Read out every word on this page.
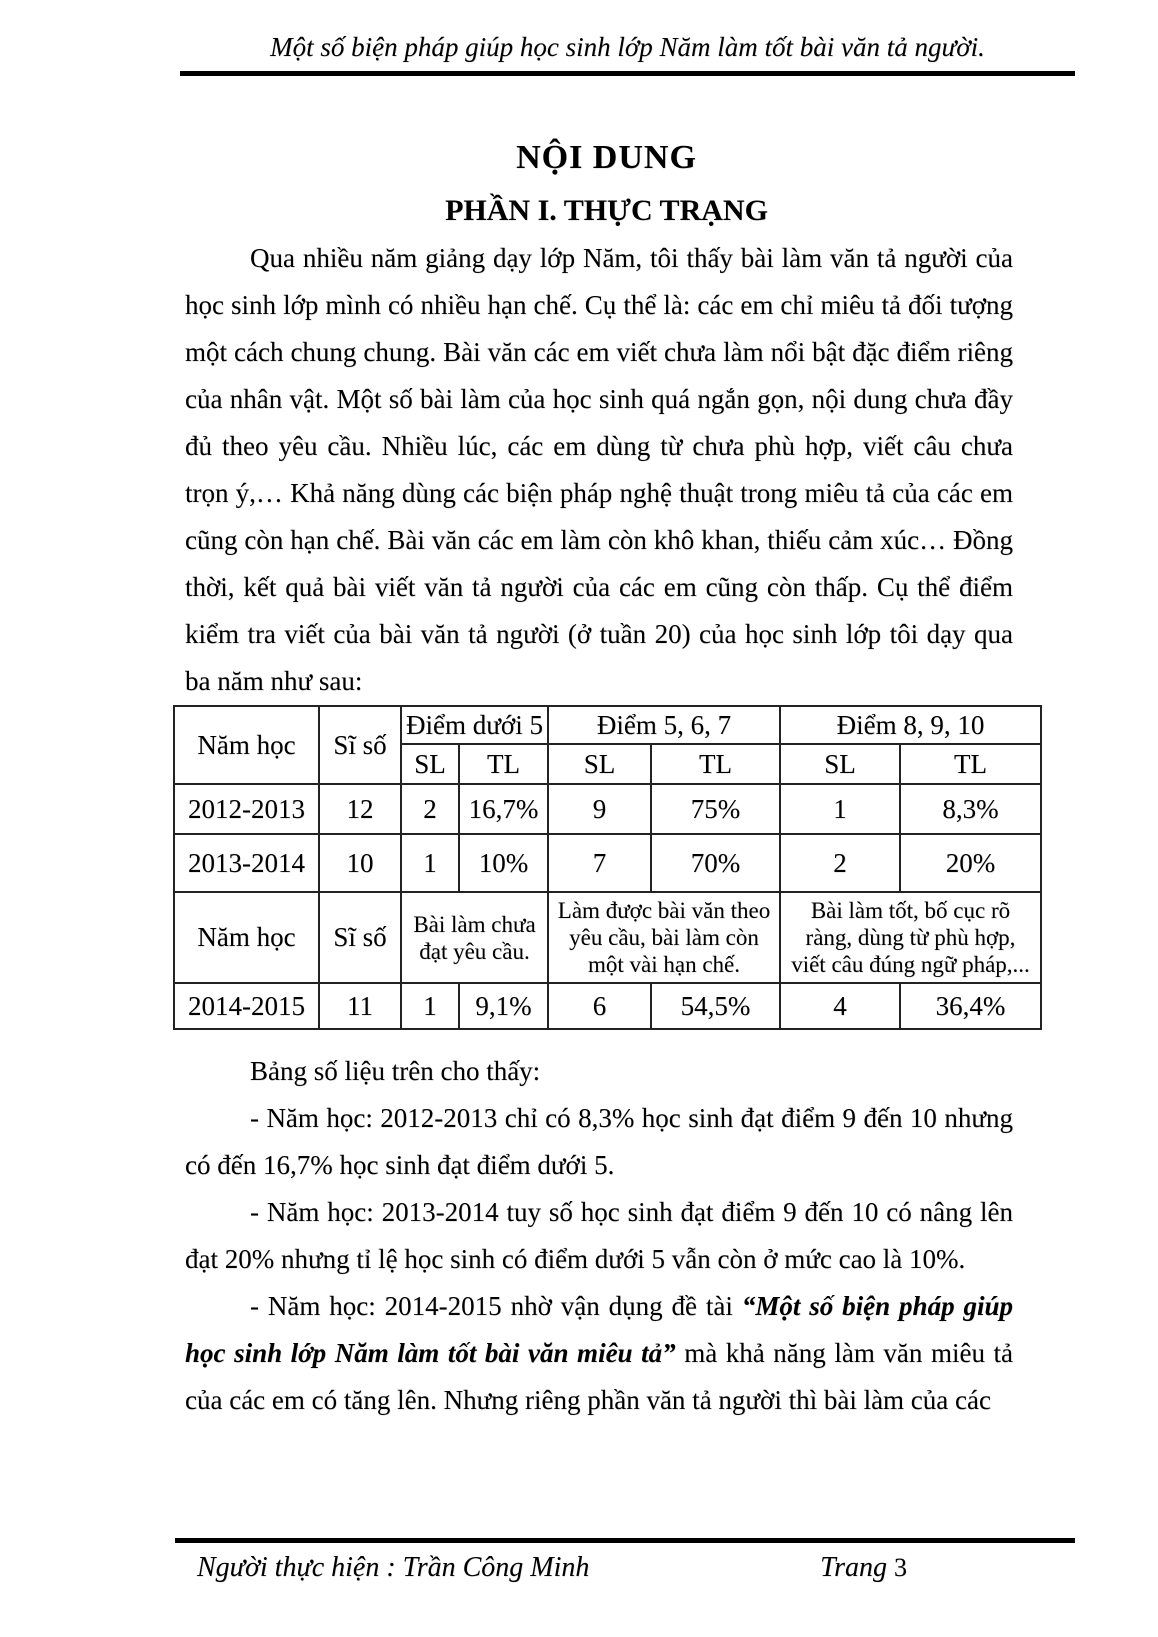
Một số biện pháp giúp học sinh lớp Năm làm tốt bài văn tả người.
NỘI DUNG
PHẦN I. THỰC TRẠNG

Qua nhiều năm giảng dạy lớp Năm, tôi thấy bài làm văn tả người của học sinh lớp mình có nhiều hạn chế. Cụ thể là: các em chỉ miêu tả đối tượng một cách chung chung. Bài văn các em viết chưa làm nổi bật đặc điểm riêng của nhân vật. Một số bài làm của học sinh quá ngắn gọn, nội dung chưa đầy đủ theo yêu cầu. Nhiều lúc, các em dùng từ chưa phù hợp, viết câu chưa trọn ý,… Khả năng dùng các biện pháp nghệ thuật trong miêu tả của các em cũng còn hạn chế. Bài văn các em làm còn khô khan, thiếu cảm xúc… Đồng thời, kết quả bài viết văn tả người của các em cũng còn thấp. Cụ thể điểm kiểm tra viết của bài văn tả người (ở tuần 20) của học sinh lớp tôi dạy qua ba năm như sau:

Năm học	Sĩ số	Điểm dưới 5		Điểm 5, 6, 7		Điểm 8, 9, 10	
		SL	TL	SL	TL	SL	TL
2012-2013	12	2	16,7%	9	75%	1	8,3%
2013-2014	10	1	10%	7	70%	2	20%
Năm học	Sĩ số	Bài làm chưa đạt yêu cầu.		Làm được bài văn theo yêu cầu, bài làm còn một vài hạn chế.		Bài làm tốt, bố cục rõ ràng, dùng từ phù hợp, viết câu đúng ngữ pháp,...	
2014-2015	11	1	9,1%	6	54,5%	4	36,4%

Bảng số liệu trên cho thấy:

- Năm học: 2012-2013 chỉ có 8,3% học sinh đạt điểm 9 đến 10 nhưng có đến 16,7% học sinh đạt điểm dưới 5.

- Năm học: 2013-2014 tuy số học sinh đạt điểm 9 đến 10 có nâng lên đạt 20% nhưng tỉ lệ học sinh có điểm dưới 5 vẫn còn ở mức cao là 10%.

- Năm học: 2014-2015 nhờ vận dụng đề tài “Một số biện pháp giúp học sinh lớp Năm làm tốt bài văn miêu tả” mà khả năng làm văn miêu tả của các em có tăng lên. Nhưng riêng phần văn tả người thì bài làm của các

Người thực hiện : Trần Công Minh	Trang 3
